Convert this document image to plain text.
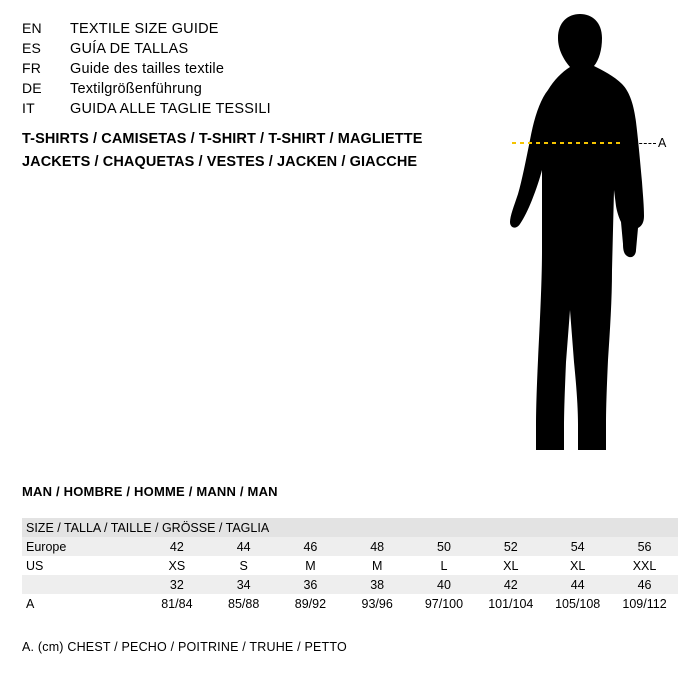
EN	TEXTILE SIZE GUIDE
ES	GUÍA DE TALLAS
FR	Guide des tailles textile
DE	Textilgrößenführung
IT	GUIDA ALLE TAGLIE TESSILI
T-SHIRTS / CAMISETAS / T-SHIRT / T-SHIRT / MAGLIETTE
JACKETS / CHAQUETAS / VESTES / JACKEN / GIACCHE
A
MAN / HOMBRE / HOMME / MANN / MAN
SIZE / TALLA / TAILLE / GRÖSSE / TAGLIA								
Europe	42	44	46	48	50	52	54	56
US	XS	S	M	M	L	XL	XL	XXL
	32	34	36	38	40	42	44	46
A	81/84	85/88	89/92	93/96	97/100	101/104	105/108	109/112
A. (cm) CHEST / PECHO / POITRINE / TRUHE / PETTO
